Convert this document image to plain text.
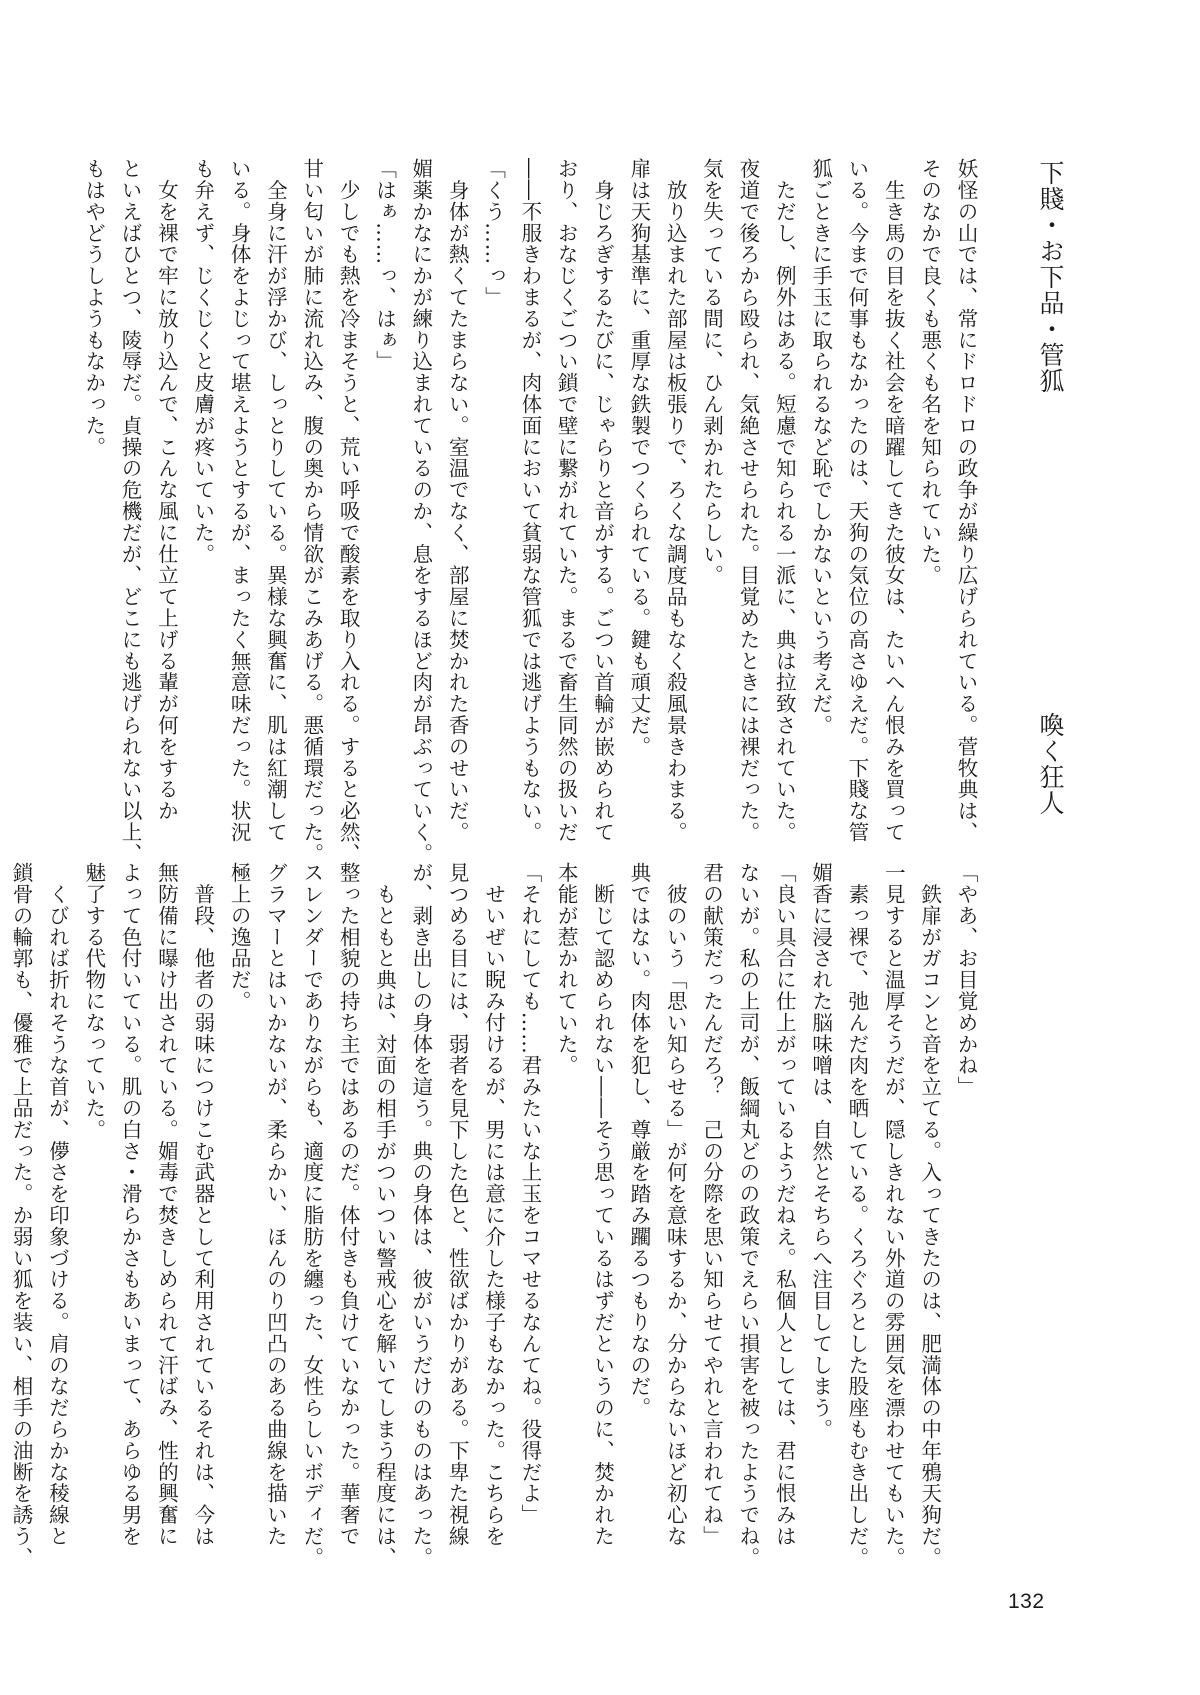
下賤・お下品・管狐
喚く狂人
妖怪の山では、常にドロドロの政争が繰り広げられている。菅牧典は、
そのなかで良くも悪くも名を知られていた。
　生き馬の目を抜く社会を暗躍してきた彼女は、たいへん恨みを買って
いる。今まで何事もなかったのは、天狗の気位の高さゆえだ。下賤な管
狐ごときに手玉に取られるなど恥でしかないという考えだ。
　ただし、例外はある。短慮で知られる一派に、典は拉致されていた。
夜道で後ろから殴られ、気絶させられた。目覚めたときには裸だった。
気を失っている間に、ひん剥かれたらしい。
　放り込まれた部屋は板張りで、ろくな調度品もなく殺風景きわまる。
扉は天狗基準に、重厚な鉄製でつくられている。鍵も頑丈だ。
　身じろぎするたびに、じゃらりと音がする。ごつい首輪が嵌められて
おり、おなじくごつい鎖で壁に繋がれていた。まるで畜生同然の扱いだ
――不服きわまるが、肉体面において貧弱な管狐では逃げようもない。
「くう……っ」
　身体が熱くてたまらない。室温でなく、部屋に焚かれた香のせいだ。
媚薬かなにかが練り込まれているのか、息をするほど肉が昂ぶっていく。
「はぁ……っ、はぁ」
　少しでも熱を冷まそうと、荒い呼吸で酸素を取り入れる。すると必然、
甘い匂いが肺に流れ込み、腹の奥から情欲がこみあげる。悪循環だった。
　全身に汗が浮かび、しっとりしている。異様な興奮に、肌は紅潮して
いる。身体をよじって堪えようとするが、まったく無意味だった。状況
も弁えず、じくじくと皮膚が疼いていた。
　女を裸で牢に放り込んで、こんな風に仕立て上げる輩が何をするか
といえばひとつ、陵辱だ。貞操の危機だが、どこにも逃げられない以上、
もはやどうしようもなかった。
「やあ、お目覚めかね」
　鉄扉がガコンと音を立てる。入ってきたのは、肥満体の中年鴉天狗だ。
一見すると温厚そうだが、隠しきれない外道の雰囲気を漂わせてもいた。
　素っ裸で、弛んだ肉を晒している。くろぐろとした股座もむき出しだ。
媚香に浸された脳味噌は、自然とそちらへ注目してしまう。
「良い具合に仕上がっているようだねえ。私個人としては、君に恨みは
ないが。私の上司が、飯綱丸どのの政策でえらい損害を被ったようでね。
君の献策だったんだろ？　己の分際を思い知らせてやれと言われてね」
　彼のいう「思い知らせる」が何を意味するか、分からないほど初心な
典ではない。肉体を犯し、尊厳を踏み躙るつもりなのだ。
　断じて認められない――そう思っているはずだというのに、焚かれた
本能が惹かれていた。
「それにしても……君みたいな上玉をコマせるなんてね。役得だよ」
　せいぜい睨み付けるが、男には意に介した様子もなかった。こちらを
見つめる目には、弱者を見下した色と、性欲ばかりがある。下卑た視線
が、剥き出しの身体を這う。典の身体は、彼がいうだけのものはあった。
　もともと典は、対面の相手がついつい警戒心を解いてしまう程度には、
整った相貌の持ち主ではあるのだ。体付きも負けていなかった。華奢で
スレンダーでありながらも、適度に脂肪を纏った、女性らしいボディだ。
グラマーとはいかないが、柔らかい、ほんのり凹凸のある曲線を描いた
極上の逸品だ。
　普段、他者の弱味につけこむ武器として利用されているそれは、今は
無防備に曝け出されている。媚毒で焚きしめられて汗ばみ、性的興奮に
よって色付いている。肌の白さ・滑らかさもあいまって、あらゆる男を
魅了する代物になっていた。
　くびれば折れそうな首が、儚さを印象づける。肩のなだらかな稜線と
鎖骨の輪郭も、優雅で上品だった。か弱い狐を装い、相手の油断を誘う、
132
